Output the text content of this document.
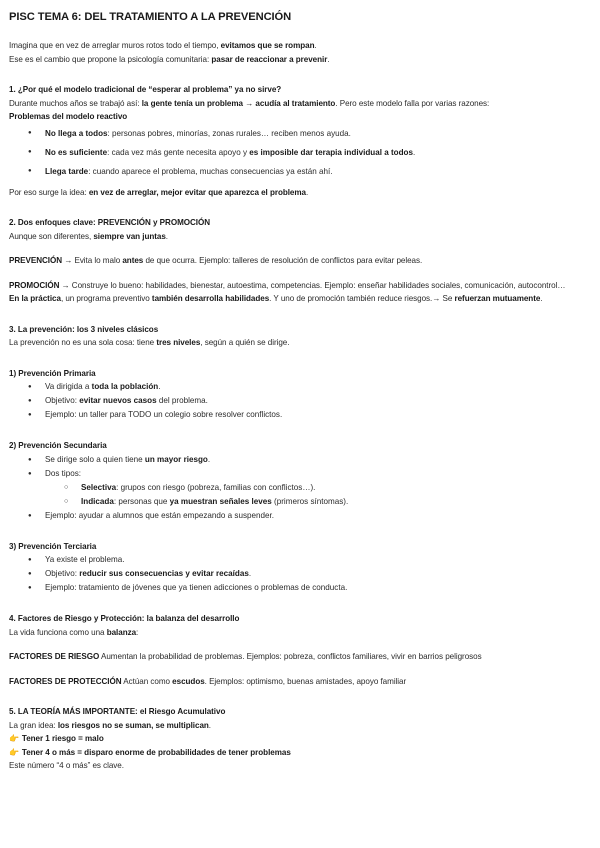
PISC TEMA 6: DEL TRATAMIENTO A LA PREVENCIÓN

Imagina que en vez de arreglar muros rotos todo el tiempo, evitamos que se rompan.

Ese es el cambio que propone la psicología comunitaria: pasar de reaccionar a prevenir.

1. ¿Por qué el modelo tradicional de “esperar al problema” ya no sirve?

Durante muchos años se trabajó así: la gente tenía un problema → acudía al tratamiento. Pero este modelo falla por varias razones:

Problemas del modelo reactivo

● No llega a todos: personas pobres, minorías, zonas rurales… reciben menos ayuda.
● No es suficiente: cada vez más gente necesita apoyo y es imposible dar terapia individual a todos.
● Llega tarde: cuando aparece el problema, muchas consecuencias ya están ahí.

Por eso surge la idea: en vez de arreglar, mejor evitar que aparezca el problema.

2. Dos enfoques clave: PREVENCIÓN y PROMOCIÓN

Aunque son diferentes, siempre van juntas.

PREVENCIÓN → Evita lo malo antes de que ocurra. Ejemplo: talleres de resolución de conflictos para evitar peleas.

PROMOCIÓN → Construye lo bueno: habilidades, bienestar, autoestima, competencias. Ejemplo: enseñar habilidades sociales, comunicación, autocontrol…

En la práctica, un programa preventivo también desarrolla habilidades. Y uno de promoción también reduce riesgos.→ Se refuerzan mutuamente.

3. La prevención: los 3 niveles clásicos

La prevención no es una sola cosa: tiene tres niveles, según a quién se dirige.

1) Prevención Primaria

● Va dirigida a toda la población.
● Objetivo: evitar nuevos casos del problema.
● Ejemplo: un taller para TODO un colegio sobre resolver conflictos.

2) Prevención Secundaria

● Se dirige solo a quien tiene un mayor riesgo.
● Dos tipos:
○ Selectiva: grupos con riesgo (pobreza, familias con conflictos…).
○ Indicada: personas que ya muestran señales leves (primeros síntomas).
● Ejemplo: ayudar a alumnos que están empezando a suspender.

3) Prevención Terciaria

● Ya existe el problema.
● Objetivo: reducir sus consecuencias y evitar recaídas.
● Ejemplo: tratamiento de jóvenes que ya tienen adicciones o problemas de conducta.

4. Factores de Riesgo y Protección: la balanza del desarrollo

La vida funciona como una balanza:

FACTORES DE RIESGO Aumentan la probabilidad de problemas. Ejemplos: pobreza, conflictos familiares, vivir en barrios peligrosos

FACTORES DE PROTECCIÓN Actúan como escudos. Ejemplos: optimismo, buenas amistades, apoyo familiar

5. LA TEORÍA MÁS IMPORTANTE: el Riesgo Acumulativo

La gran idea: los riesgos no se suman, se multiplican.

👉 Tener 1 riesgo = malo

👉 Tener 4 o más = disparo enorme de probabilidades de tener problemas

Este número “4 o más” es clave.
